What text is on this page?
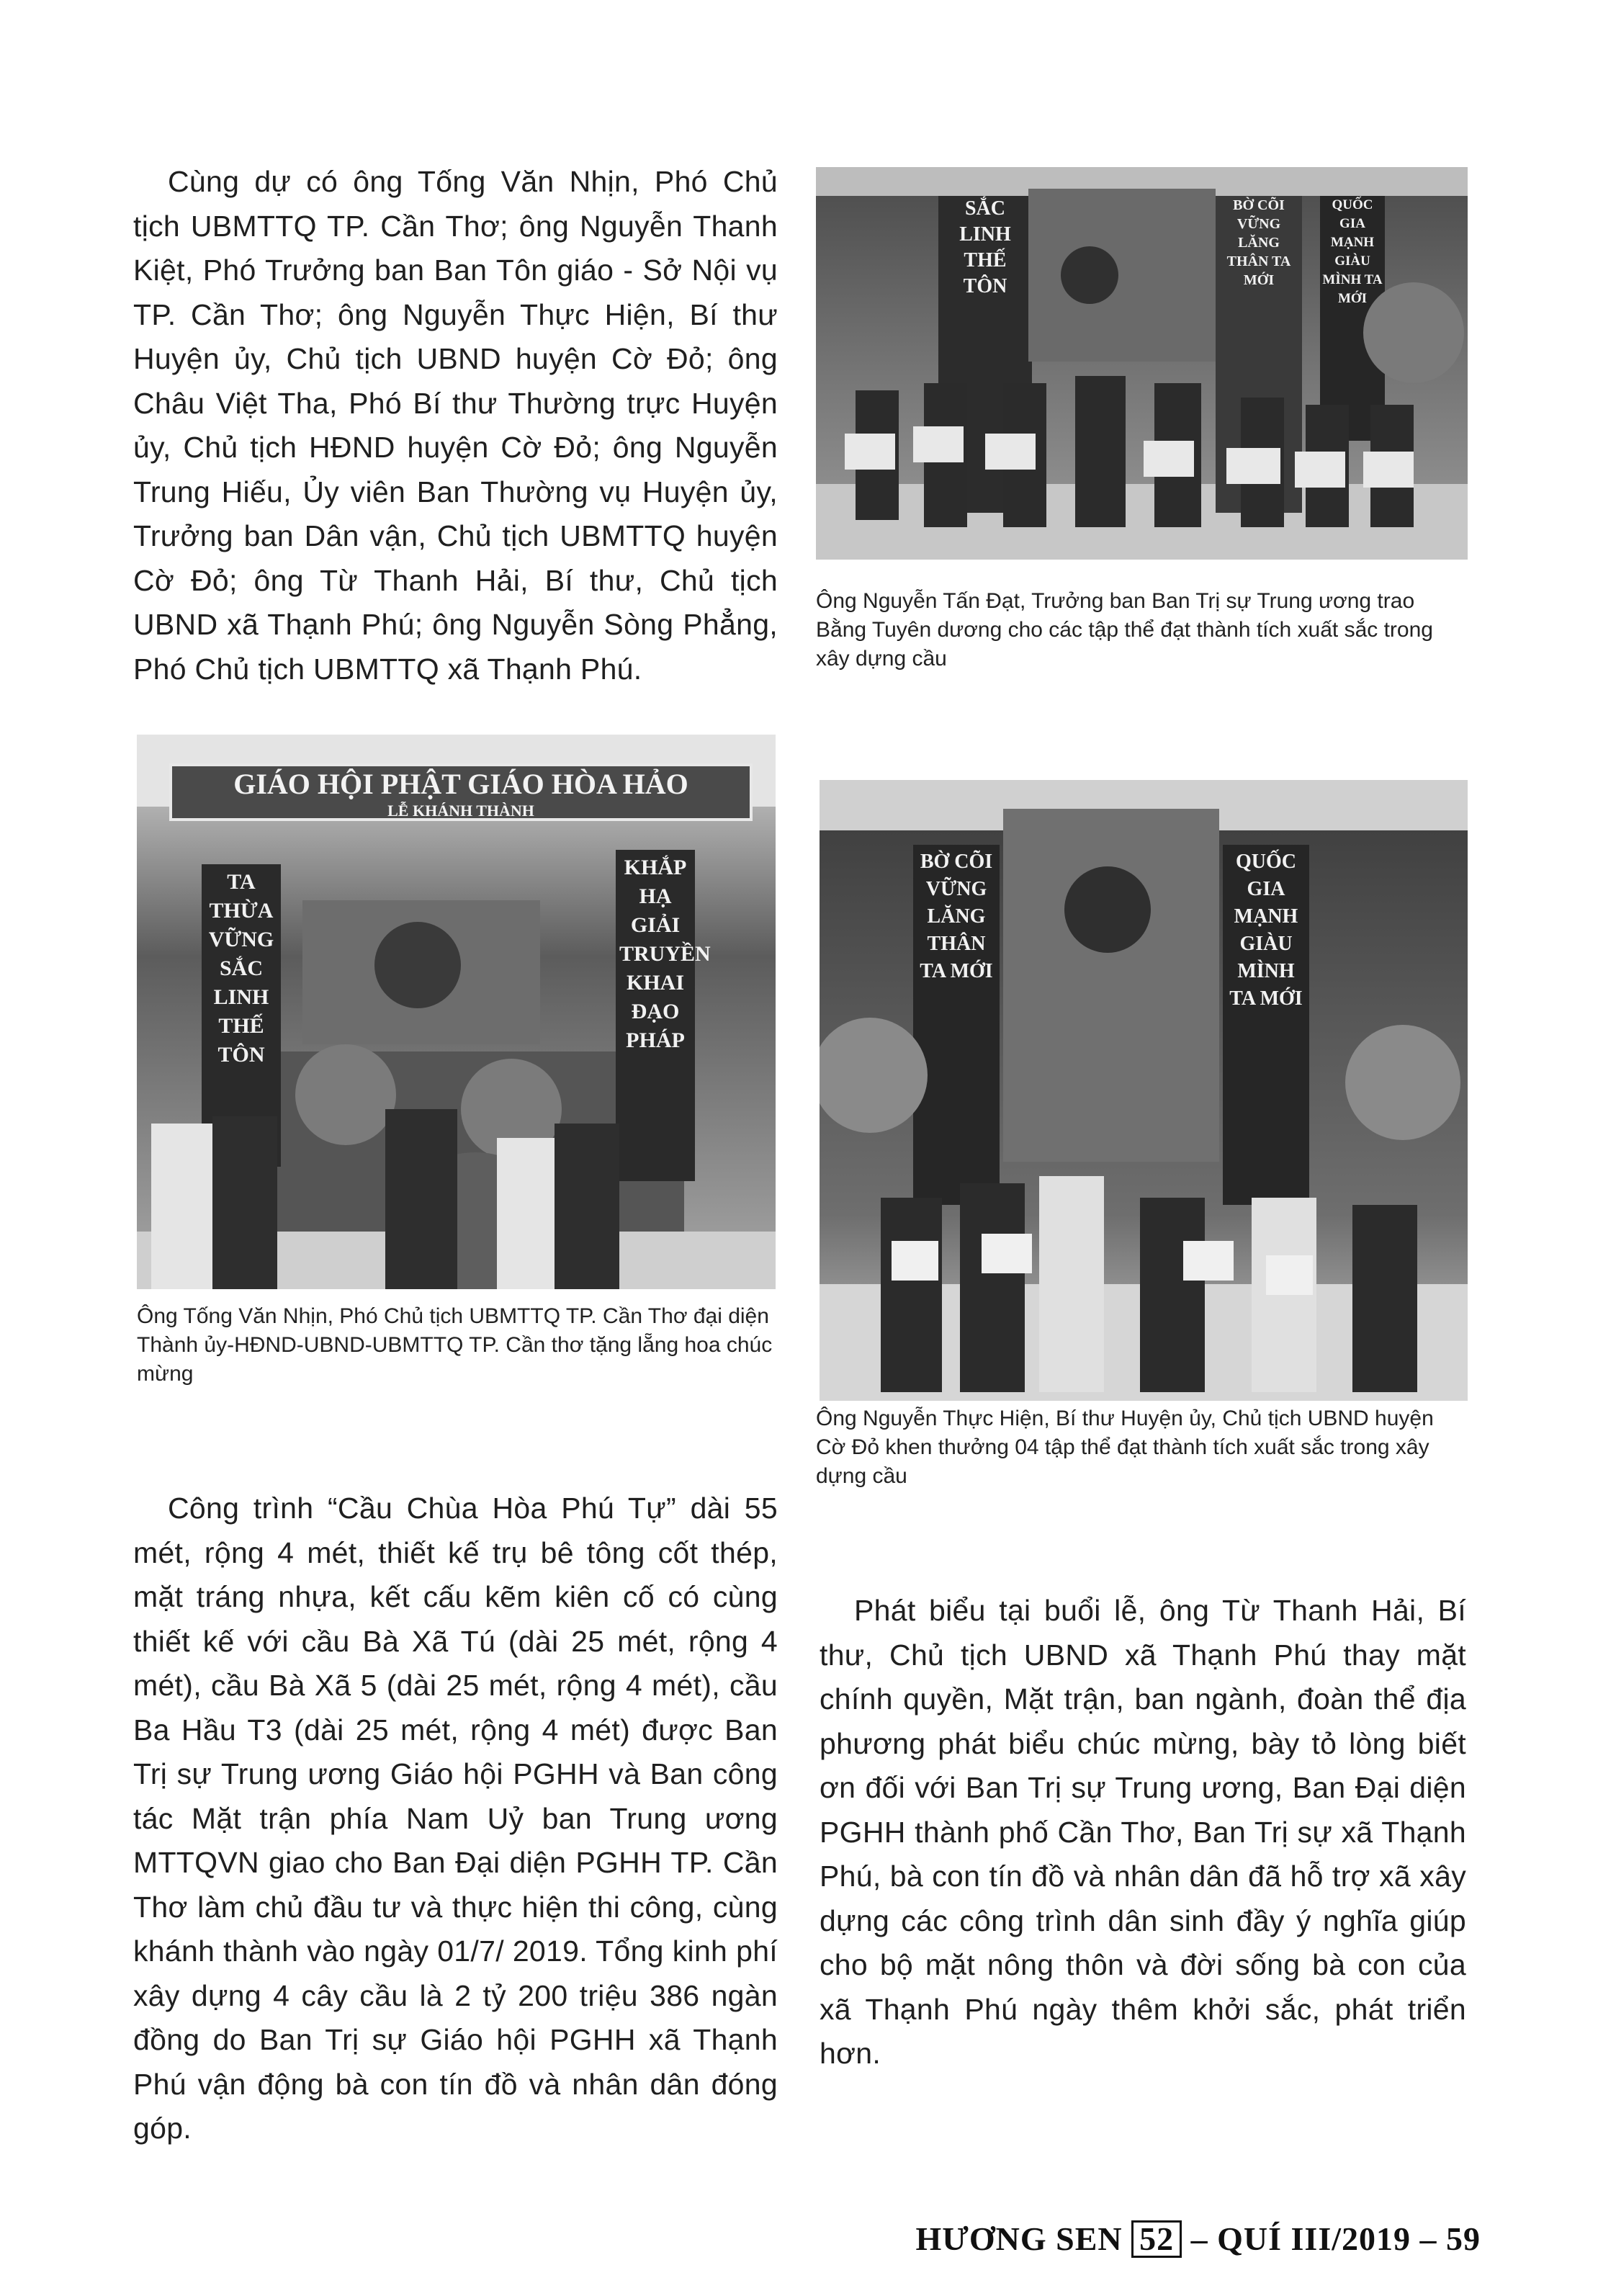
Cùng dự có ông Tống Văn Nhịn, Phó Chủ tịch UBMTTQ TP. Cần Thơ; ông Nguyễn Thanh Kiệt, Phó Trưởng ban Ban Tôn giáo - Sở Nội vụ TP. Cần Thơ; ông Nguyễn Thực Hiện, Bí thư Huyện ủy, Chủ tịch UBND huyện Cờ Đỏ; ông Châu Việt Tha, Phó Bí thư Thường trực Huyện ủy, Chủ tịch HĐND huyện Cờ Đỏ; ông Nguyễn Trung Hiếu, Ủy viên Ban Thường vụ Huyện ủy, Trưởng ban Dân vận, Chủ tịch UBMTTQ huyện Cờ Đỏ; ông Từ Thanh Hải, Bí thư, Chủ tịch UBND xã Thạnh Phú; ông Nguyễn Sòng Phẳng, Phó Chủ tịch UBMTTQ xã Thạnh Phú.

SẮC LINH THẾ TÔN
BỜ CÕI VỮNG LĂNG THÂN TA MỚI
QUỐC GIA MẠNH GIÀU MÌNH TA MỚI

Ông Nguyễn Tấn Đạt, Trưởng ban Ban Trị sự Trung ương trao Bằng Tuyên dương cho các tập thể đạt thành tích xuất sắc trong xây dựng cầu

GIÁO HỘI PHẬT GIÁO HÒA HẢO
LỄ KHÁNH THÀNH
TA THỪA VỮNG SẮC LINH THẾ TÔN
KHẮP HẠ GIẢI TRUYỀN KHAI ĐẠO PHÁP

Ông Tống Văn Nhịn, Phó Chủ tịch UBMTTQ TP. Cần Thơ đại diện Thành ủy-HĐND-UBND-UBMTTQ TP. Cần thơ tặng lẵng hoa chúc mừng

BỜ CÕI VỮNG LĂNG THÂN TA MỚI
QUỐC GIA MẠNH GIÀU MÌNH TA MỚI

Ông Nguyễn Thực Hiện, Bí thư Huyện ủy, Chủ tịch UBND huyện Cờ Đỏ khen thưởng 04 tập thể đạt thành tích xuất sắc trong xây dựng cầu

Công trình “Cầu Chùa Hòa Phú Tự” dài 55 mét, rộng 4 mét, thiết kế trụ bê tông cốt thép, mặt tráng nhựa, kết cấu kẽm kiên cố có cùng thiết kế với cầu Bà Xã Tú (dài 25 mét, rộng 4 mét), cầu Bà Xã 5 (dài 25 mét, rộng 4 mét), cầu Ba Hầu T3 (dài 25 mét, rộng 4 mét) được Ban Trị sự Trung ương Giáo hội PGHH và Ban công tác Mặt trận phía Nam Uỷ ban Trung ương MTTQVN giao cho Ban Đại diện PGHH TP. Cần Thơ làm chủ đầu tư và thực hiện thi công, cùng khánh thành vào ngày 01/7/ 2019. Tổng kinh phí xây dựng 4 cây cầu là 2 tỷ 200 triệu 386 ngàn đồng do Ban Trị sự Giáo hội PGHH xã Thạnh Phú vận động bà con tín đồ và nhân dân đóng góp.

Phát biểu tại buổi lễ, ông Từ Thanh Hải, Bí thư, Chủ tịch UBND xã Thạnh Phú thay mặt chính quyền, Mặt trận, ban ngành, đoàn thể địa phương phát biểu chúc mừng, bày tỏ lòng biết ơn đối với Ban Trị sự Trung ương, Ban Đại diện PGHH thành phố Cần Thơ, Ban Trị sự xã Thạnh Phú, bà con tín đồ và nhân dân đã hỗ trợ xã xây dựng các công trình dân sinh đầy ý nghĩa giúp cho bộ mặt nông thôn và đời sống bà con của xã Thạnh Phú ngày thêm khởi sắc, phát triển hơn.

HƯƠNG SEN 52 – QUÍ III/2019 – 59
